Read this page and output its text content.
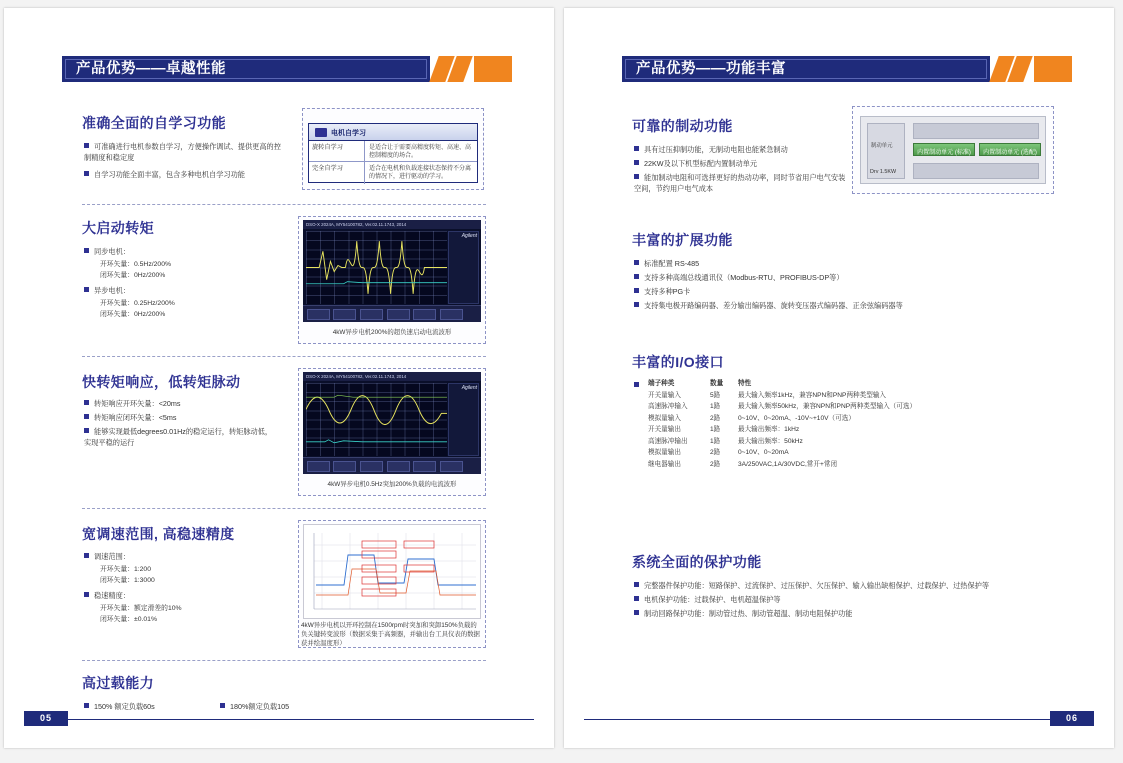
产品优势——卓越性能
准确全面的自学习功能
可准确进行电机参数自学习，方便操作调试、提供更高的控制精度和稳定度
自学习功能全面丰富，包含多种电机自学习功能
电机自学习
旋转自学习	是适合让于需要高精度转矩、高速、高控制精度的场合。
完全自学习	适合在电机和负载连接状态保持不分离的情况下，进行驱动的学习。
大启动转矩
同步电机：
开环矢量：0.5Hz/200%
闭环矢量：0Hz/200%
异步电机：
开环矢量：0.25Hz/200%
闭环矢量：0Hz/200%
DSO-X 2024A, MY54100782, Ver.02.11.1743, 2014
Agilent
4kW异步电机200%的超负速启动电流波形
快转矩响应，低转矩脉动
转矩响应开环矢量：<20ms
转矩响应闭环矢量：<5ms
能够实现最低degrees0.01Hz的稳定运行，转矩脉动低，实现平稳的运行
DSO-X 2024A, MY54100782, Ver.02.11.1743, 2014
Agilent
4kW异步电机0.5Hz突加200%负载的电流波形
宽调速范围, 高稳速精度
调速范围：
开环矢量：1:200
闭环矢量：1:3000
稳速精度：
开环矢量：额定滑差的10%
闭环矢量：±0.01%
4kW异步电机以开环控制在1500rpm时突加和突卸150%负载的负关键转变波形（数据采集于高频器，并输出台工具仪表的数据获并绘温度形）
高过载能力
150% 额定负载60s	180%额定负载105
05
产品优势——功能丰富
可靠的制动功能
具有过压抑制功能，无制动电阻也能紧急制动
22KW及以下机型标配内置制动单元
能加制动电阻和可选择更好的热动功率，同时节省用户电气安装空间，节约用户电气成本
制动单元
Drv 1.5KW
内置制动单元 (标准)	内置制动单元 (选配)
丰富的扩展功能
标准配置 RS-485
支持多种高端总线通讯仪（Modbus-RTU、PROFIBUS-DP等）
支持多种PG卡
支持集电极开路编码器、差分输出编码器、旋转变压器式编码器、正余弦编码器等
丰富的I/O接口
端子种类	数量	特性
开关量输入	5路	最大输入频率1kHz，兼容NPN和PNP两种类型输入
高速脉冲输入	1路	最大输入频率50kHz，兼容NPN和PNP两种类型输入（可选）
模拟量输入	2路	0~10V、0~20mA、-10V~+10V（可选）
开关量输出	1路	最大输出频率：1kHz
高速脉冲输出	1路	最大输出频率：50kHz
模拟量输出	2路	0~10V、0~20mA
继电器输出	2路	3A/250VAC,1A/30VDC,常开+常闭
系统全面的保护功能
完整器件保护功能：短路保护、过流保护、过压保护、欠压保护、输入输出缺相保护、过载保护、过热保护等
电机保护功能：过载保护、电机超温保护等
制动回路保护功能：制动管过热、制动管超温、制动电阻保护功能
06
